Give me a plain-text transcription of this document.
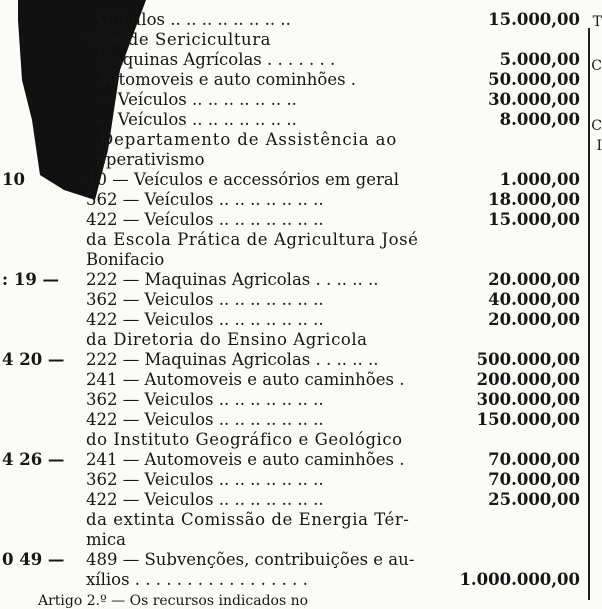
Veículos .. .. .. .. .. .. .. ..	15.000,00
viço de Sericicultura
Maquinas Agrícolas . . . . . . .	5.000,00
Automoveis e auto cominhões .	50.000,00
— Veículos .. .. .. .. .. .. ..	30.000,00
— Veículos .. .. .. .. .. .. ..	8.000,00
Departamento de Assistência ao
operativismo
10	40 — Veículos e accessórios em geral	1.000,00
362 — Veículos .. .. .. .. .. .. ..	18.000,00
422 — Veículos .. .. .. .. .. .. ..	15.000,00
da Escola Prática de Agricultura José
Bonifacio
: 19 — 222 — Maquinas Agricolas . . .. .. ..	20.000,00
362 — Veiculos .. .. .. .. .. .. ..	40.000,00
422 — Veiculos .. .. .. .. .. .. ..	20.000,00
da Diretoria do Ensino Agricola
4 20 — 222 — Maquinas Agricolas . . .. .. ..	500.000,00
241 — Automoveis e auto caminhões .	200.000,00
362 — Veiculos .. .. .. .. .. .. ..	300.000,00
422 — Veiculos .. .. .. .. .. .. ..	150.000,00
do Instituto Geográfico e Geológico
4 26 — 241 — Automoveis e auto caminhões .	70.000,00
362 — Veiculos .. .. .. .. .. .. ..	70.000,00
422 — Veiculos .. .. .. .. .. .. ..	25.000,00
da extinta Comissão de Energia Tér-
mica
0 49 — 489 — Subvenções, contribuições e au-
xílios . . . . . . . . . . . . . . . . .	1.000.000,00
T
C
C
I
Artigo 2.º — Os recursos indicados no
